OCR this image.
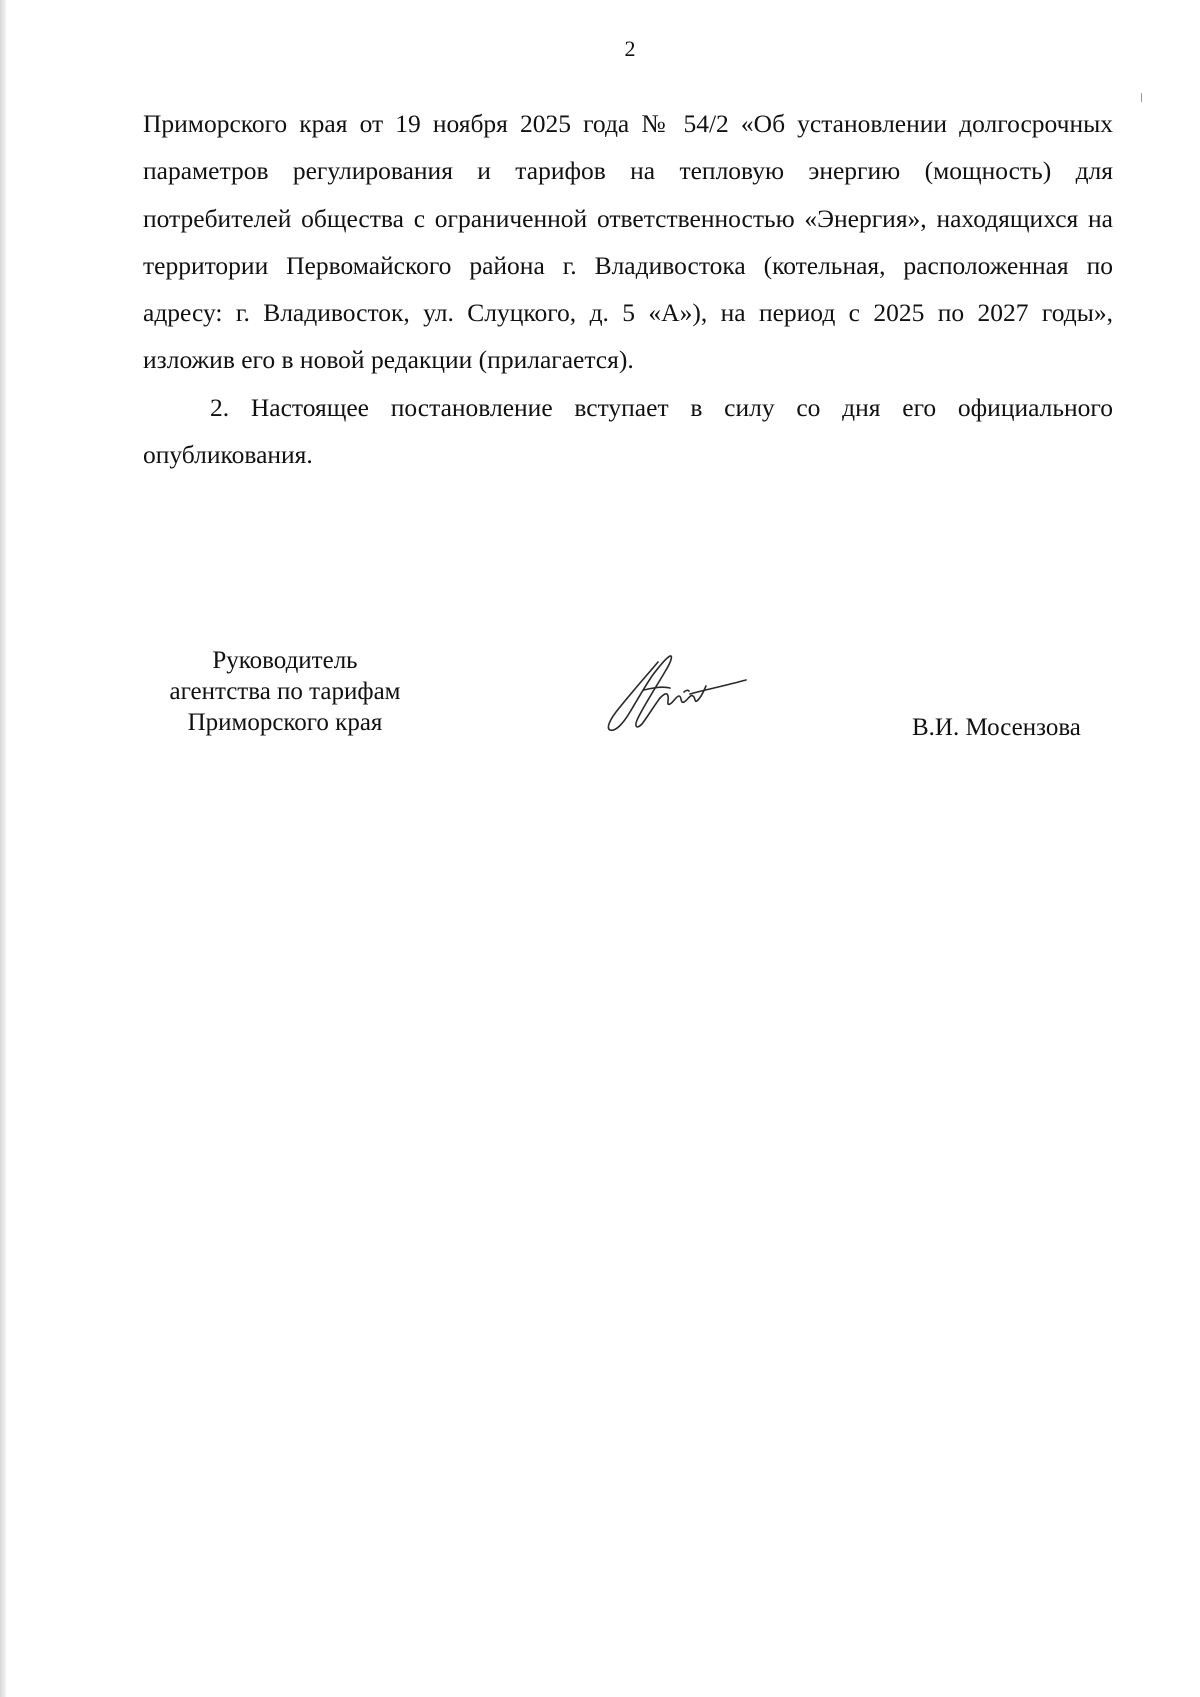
2

Приморского края от 19 ноября 2025 года № 54/2 «Об установлении долгосрочных параметров регулирования и тарифов на тепловую энергию (мощность) для потребителей общества с ограниченной ответственностью «Энергия», находящихся на территории Первомайского района г. Владивостока (котельная, расположенная по адресу: г. Владивосток, ул. Слуцкого, д. 5 «А»), на период с 2025 по 2027 годы», изложив его в новой редакции (прилагается).

2. Настоящее постановление вступает в силу со дня его официального опубликования.

Руководитель
агентства по тарифам
Приморского края	В.И. Мосензова
